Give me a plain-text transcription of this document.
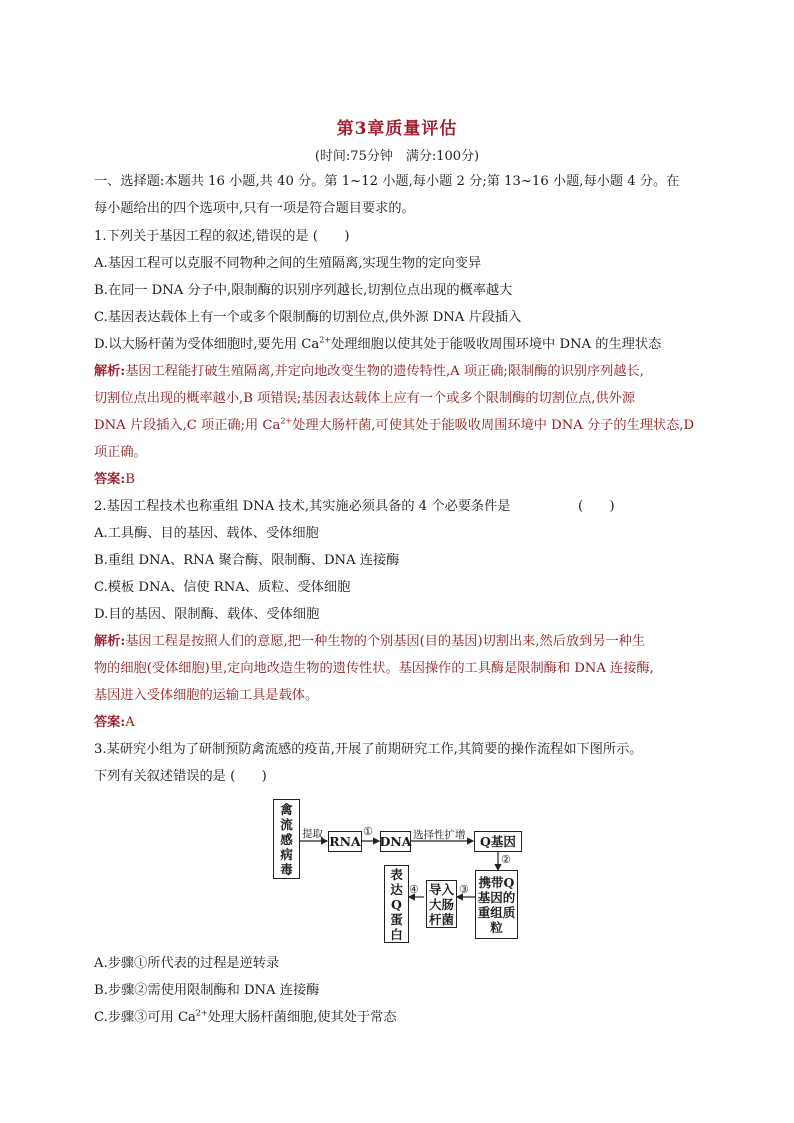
第3章质量评估
(时间:75分钟　满分:100分)
一、选择题:本题共 16 小题,共 40 分。第 1~12 小题,每小题 2 分;第 13~16 小题,每小题 4 分。在
每小题给出的四个选项中,只有一项是符合题目要求的。
1.下列关于基因工程的叙述,错误的是 (　　)
A.基因工程可以克服不同物种之间的生殖隔离,实现生物的定向变异
B.在同一 DNA 分子中,限制酶的识别序列越长,切割位点出现的概率越大
C.基因表达载体上有一个或多个限制酶的切割位点,供外源 DNA 片段插入
D.以大肠杆菌为受体细胞时,要先用 $Ca^{2+}$处理细胞以使其处于能吸收周围环境中 DNA 的生理状态
解析:基因工程能打破生殖隔离,并定向地改变生物的遗传特性,A 项正确;限制酶的识别序列越长,
切割位点出现的概率越小,B 项错误;基因表达载体上应有一个或多个限制酶的切割位点,供外源
DNA 片段插入,C 项正确;用 $Ca^{2+}$处理大肠杆菌,可使其处于能吸收周围环境中 DNA 分子的生理状态,D
项正确。
答案:B
2.基因工程技术也称重组 DNA 技术,其实施必须具备的 4 个必要条件是	(　　)
A.工具酶、目的基因、载体、受体细胞
B.重组 DNA、RNA 聚合酶、限制酶、DNA 连接酶
C.模板 DNA、信使 RNA、质粒、受体细胞
D.目的基因、限制酶、载体、受体细胞
解析:基因工程是按照人们的意愿,把一种生物的个别基因(目的基因)切割出来,然后放到另一种生
物的细胞(受体细胞)里,定向地改造生物的遗传性状。基因操作的工具酶是限制酶和 DNA 连接酶,
基因进入受体细胞的运输工具是载体。
答案:A
3.某研究小组为了研制预防禽流感的疫苗,开展了前期研究工作,其简要的操作流程如下图所示。
下列有关叙述错误的是 (　　)
禽流感病毒
提取 RNA
①
DNA 选择性扩增	Q基因
②
携带Q基因的重组质粒
③
导入大肠杆菌
④
表达Q蛋白
A.步骤①所代表的过程是逆转录
B.步骤②需使用限制酶和 DNA 连接酶
C.步骤③可用 $Ca^{2+}$处理大肠杆菌细胞,使其处于常态
